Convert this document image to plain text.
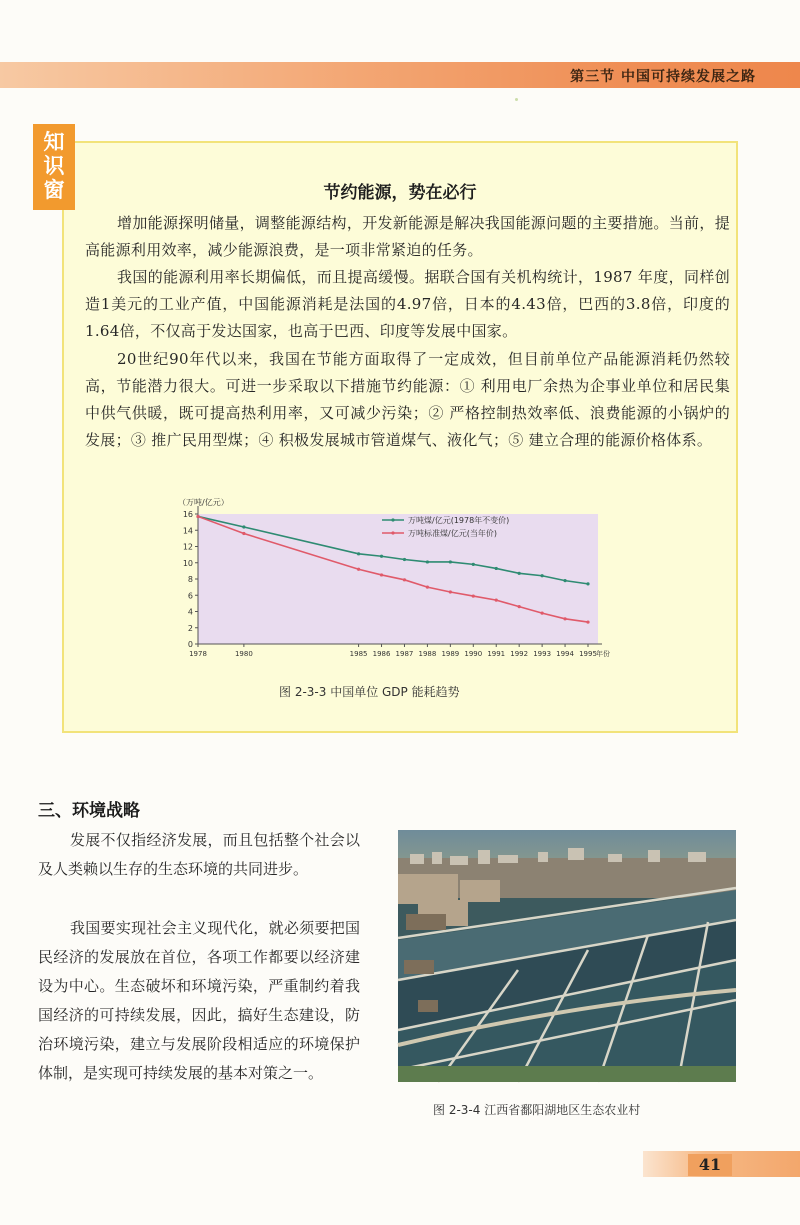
第三节 中国可持续发展之路
知
识
窗	节约能源，势在必行

增加能源探明储量，调整能源结构，开发新能源是解决我国能源问题的主要措施。当前，提高能源利用效率，减少能源浪费，是一项非常紧迫的任务。

我国的能源利用率长期偏低，而且提高缓慢。据联合国有关机构统计，1987 年度，同样创造1美元的工业产值，中国能源消耗是法国的4.97倍，日本的4.43倍，巴西的3.8倍，印度的1.64倍，不仅高于发达国家，也高于巴西、印度等发展中国家。

20世纪90年代以来，我国在节能方面取得了一定成效，但目前单位产品能源消耗仍然较高，节能潜力很大。可进一步采取以下措施节约能源：① 利用电厂余热为企事业单位和居民集中供气供暖，既可提高热利用率，又可减少污染；② 严格控制热效率低、浪费能源的小锅炉的发展；③ 推广民用型煤；④ 积极发展城市管道煤气、液化气；⑤ 建立合理的能源价格体系。

0
2
4
6
8
10
12
14
16
（万吨/亿元）
1978	1980	1985 1986 1987 1988 1989 1990 1991 1992 1993 1994 1995 年份
万吨煤/亿元(1978年不变价)
万吨标准煤/亿元(当年价)
图 2-3-3 中国单位 GDP 能耗趋势
三、环境战略

发展不仅指经济发展，而且包括整个社会以及人类赖以生存的生态环境的共同进步。

我国要实现社会主义现代化，就必须要把国民经济的发展放在首位，各项工作都要以经济建设为中心。生态破坏和环境污染，严重制约着我国经济的可持续发展，因此，搞好生态建设，防治环境污染，建立与发展阶段相适应的环境保护体制，是实现可持续发展的基本对策之一。

图 2-3-4 江西省鄱阳湖地区生态农业村
41
